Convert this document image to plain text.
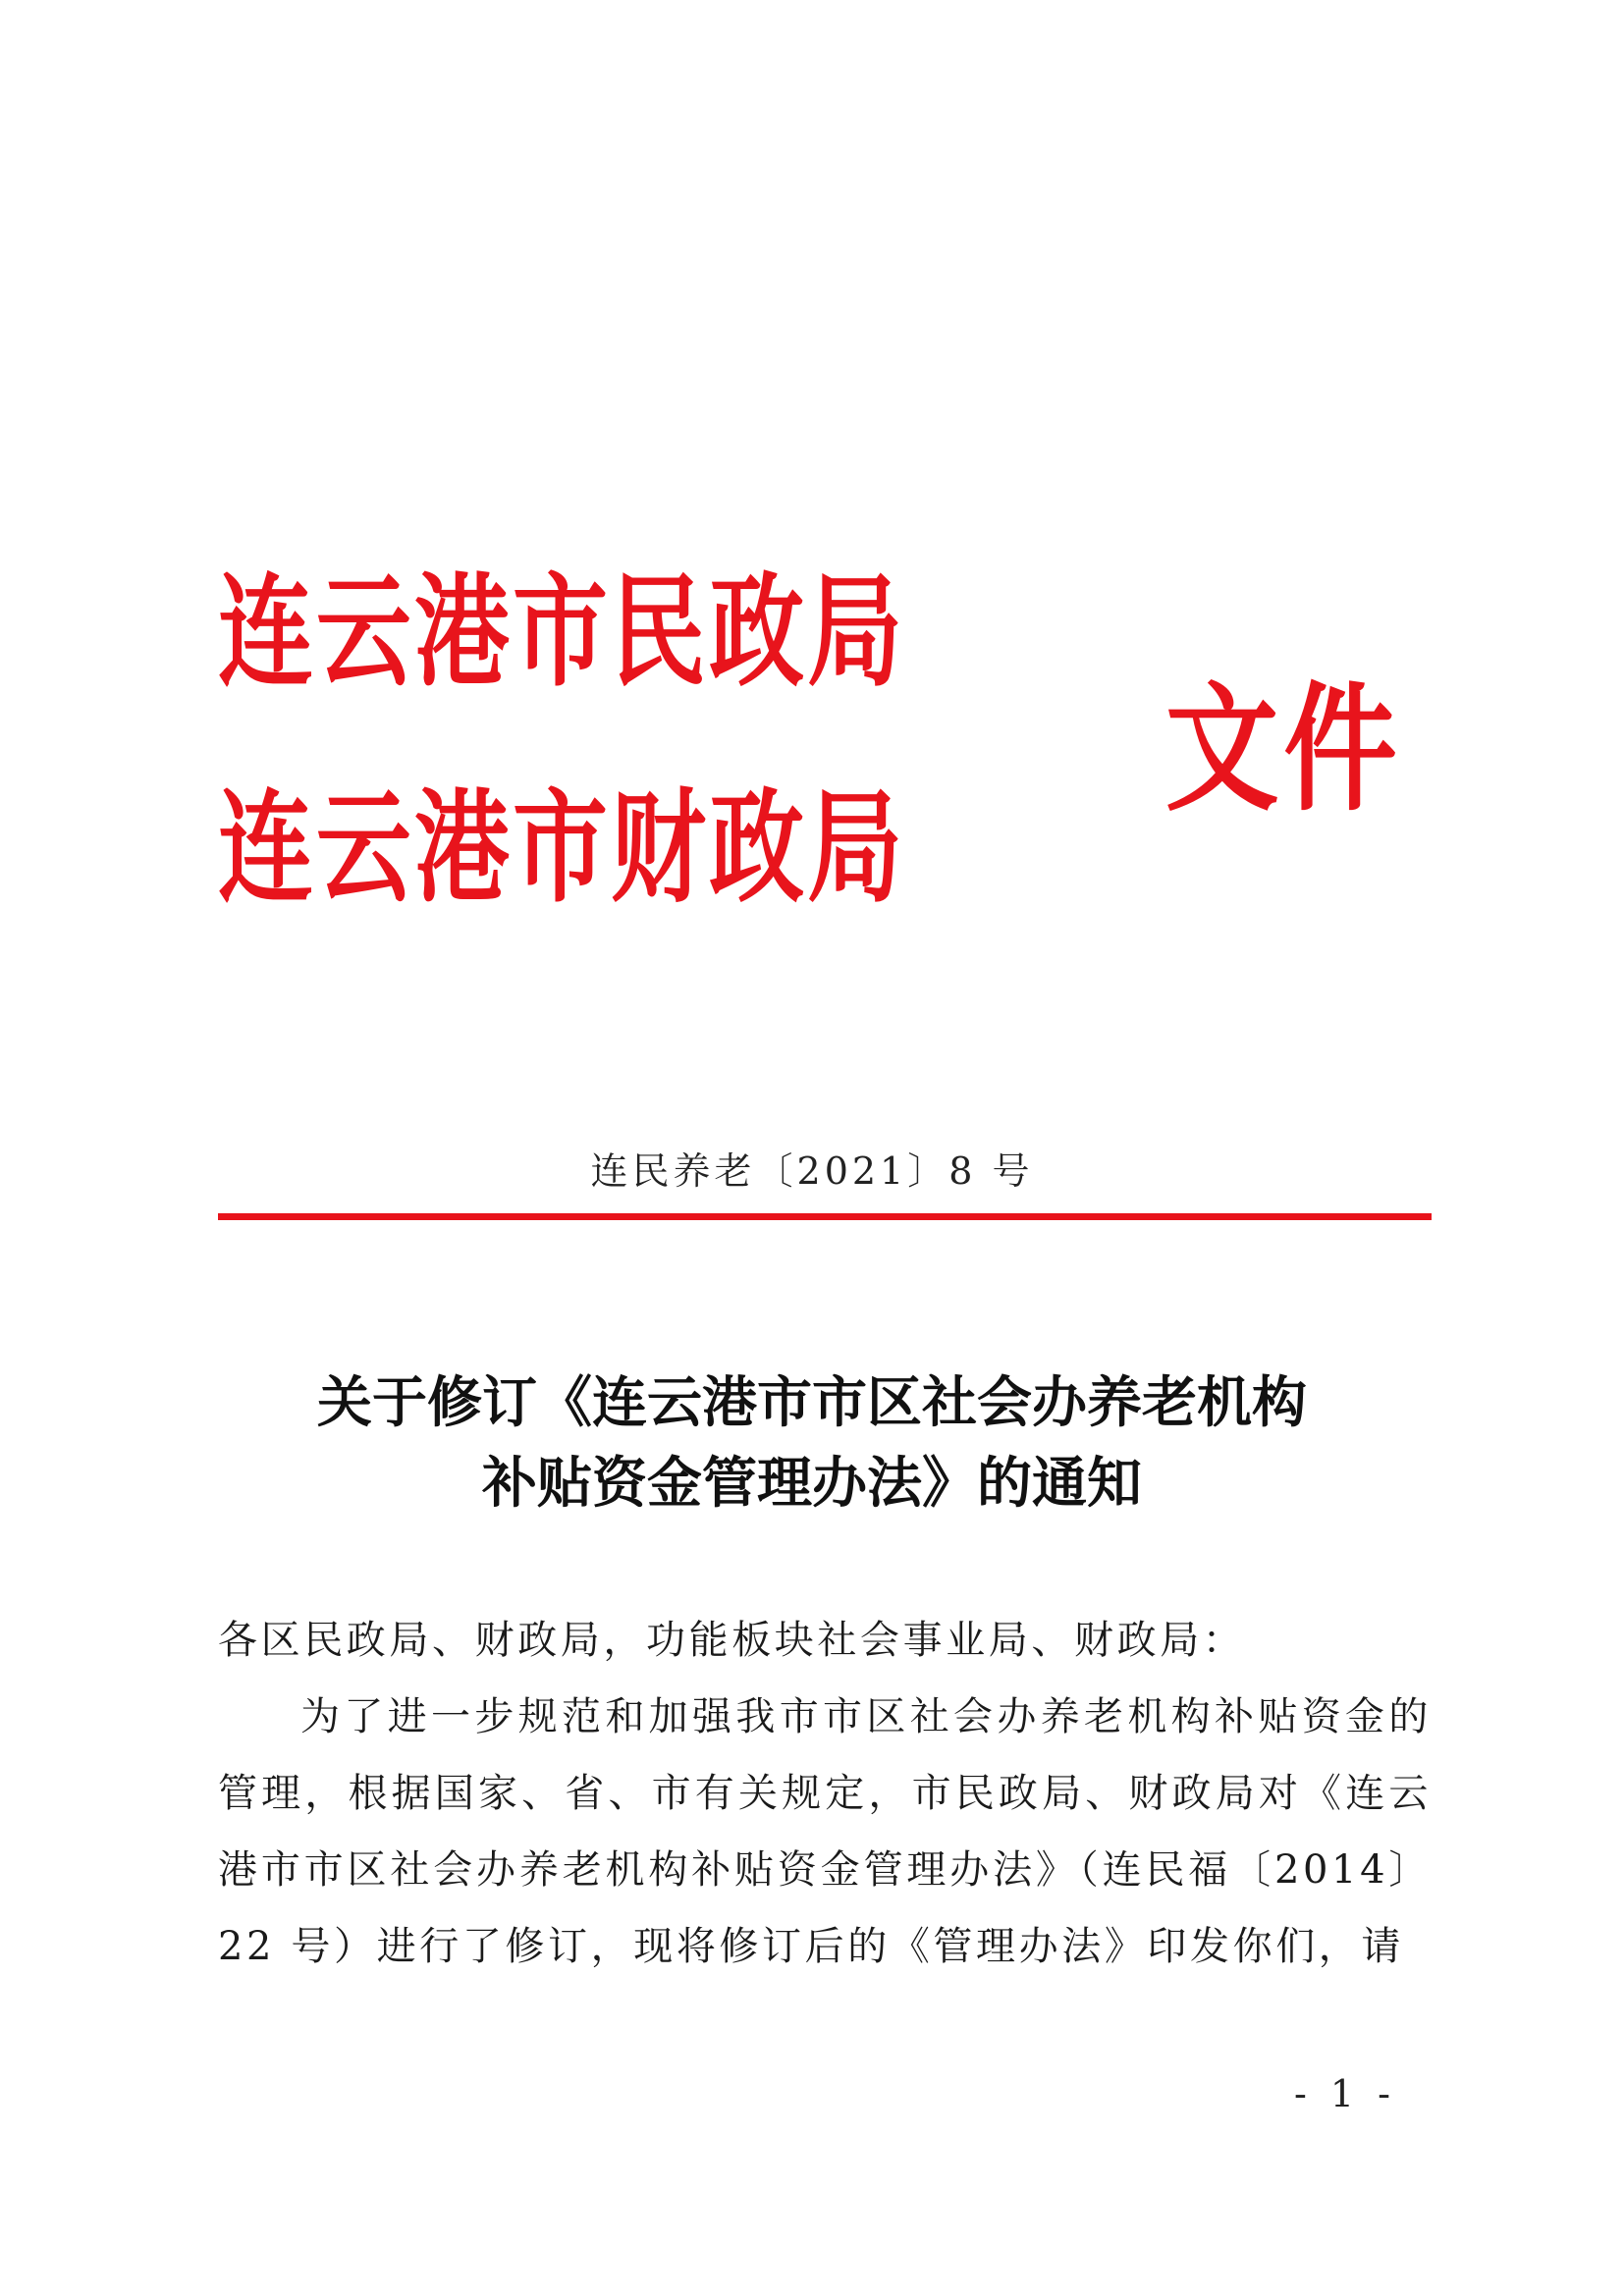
连云港市民政局
连云港市财政局
文件
连民养老〔2021〕8 号
关于修订《连云港市市区社会办养老机构
补贴资金管理办法》的通知

各区民政局、财政局，功能板块社会事业局、财政局：

为了进一步规范和加强我市市区社会办养老机构补贴资金的管理，根据国家、省、市有关规定，市民政局、财政局对《连云港市市区社会办养老机构补贴资金管理办法》（连民福〔2014〕22 号）进行了修订，现将修订后的《管理办法》印发你们，请

- 1 -
